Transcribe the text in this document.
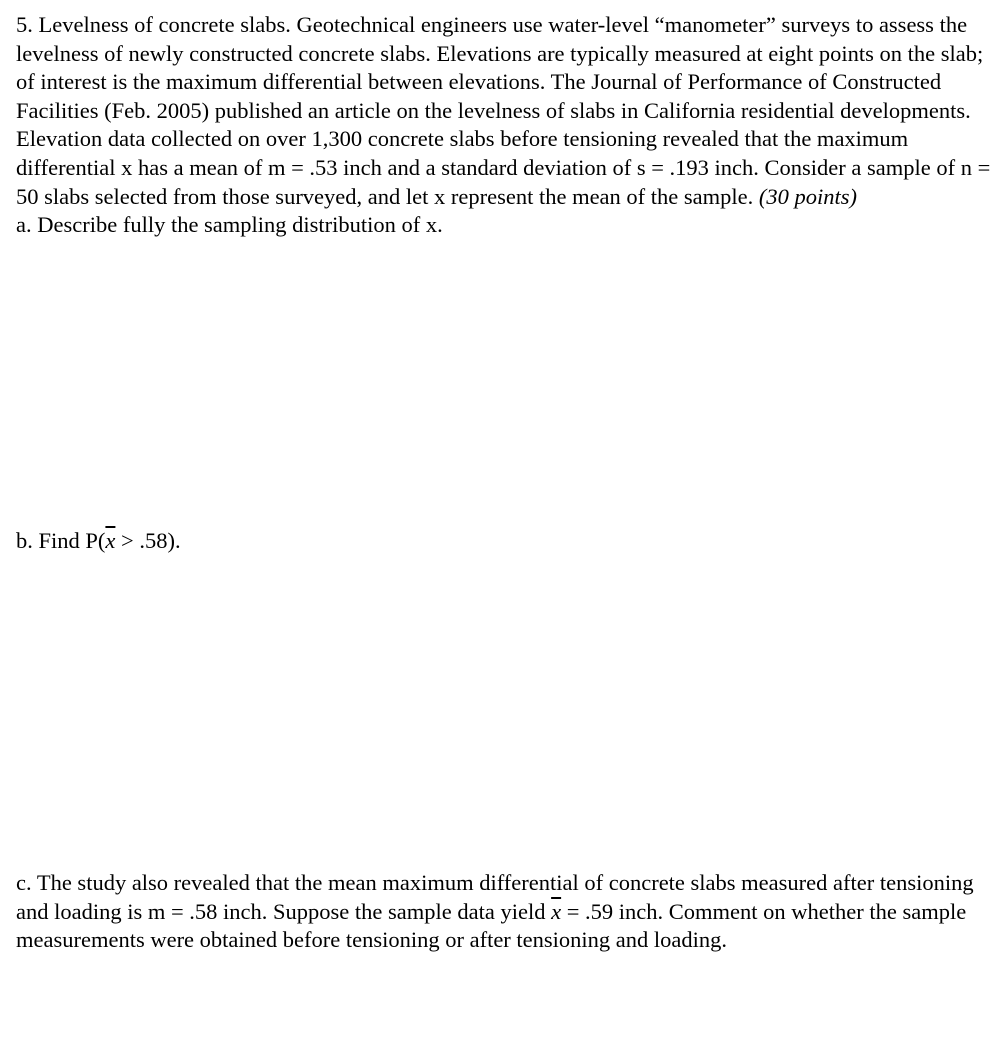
5. Levelness of concrete slabs. Geotechnical engineers use water-level “manometer” surveys to assess the levelness of newly constructed concrete slabs. Elevations are typically measured at eight points on the slab; of interest is the maximum differential between elevations. The Journal of Performance of Constructed Facilities (Feb. 2005) published an article on the levelness of slabs in California residential developments. Elevation data collected on over 1,300 concrete slabs before tensioning revealed that the maximum differential x has a mean of m = .53 inch and a standard deviation of s = .193 inch. Consider a sample of n = 50 slabs selected from those surveyed, and let x represent the mean of the sample. (30 points)

a. Describe fully the sampling distribution of x.

b. Find $P(\overline{x} > .58)$.

c. The study also revealed that the mean maximum differential of concrete slabs measured after tensioning and loading is m = .58 inch. Suppose the sample data yield $\overline{x} = .59$ inch. Comment on whether the sample measurements were obtained before tensioning or after tensioning and loading.
